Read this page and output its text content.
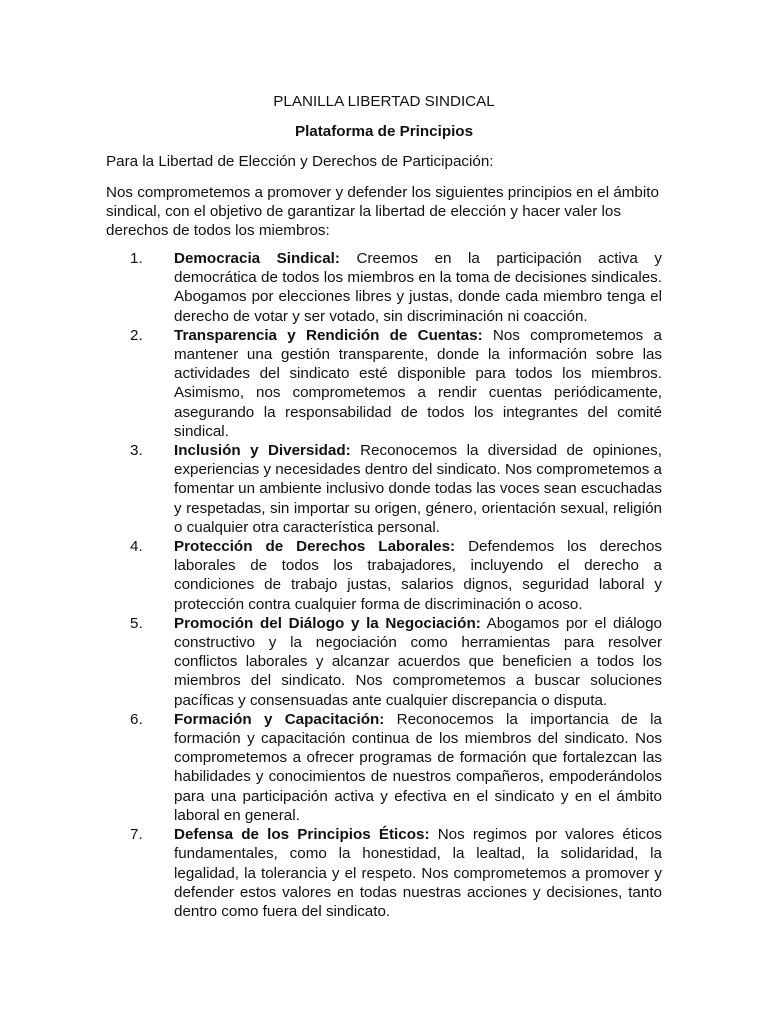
PLANILLA LIBERTAD SINDICAL
Plataforma de Principios

Para la Libertad de Elección y Derechos de Participación:

Nos comprometemos a promover y defender los siguientes principios en el ámbito sindical, con el objetivo de garantizar la libertad de elección y hacer valer los derechos de todos los miembros:

1. Democracia Sindical: Creemos en la participación activa y democrática de todos los miembros en la toma de decisiones sindicales. Abogamos por elecciones libres y justas, donde cada miembro tenga el derecho de votar y ser votado, sin discriminación ni coacción.
2. Transparencia y Rendición de Cuentas: Nos comprometemos a mantener una gestión transparente, donde la información sobre las actividades del sindicato esté disponible para todos los miembros. Asimismo, nos comprometemos a rendir cuentas periódicamente, asegurando la responsabilidad de todos los integrantes del comité sindical.
3. Inclusión y Diversidad: Reconocemos la diversidad de opiniones, experiencias y necesidades dentro del sindicato. Nos comprometemos a fomentar un ambiente inclusivo donde todas las voces sean escuchadas y respetadas, sin importar su origen, género, orientación sexual, religión o cualquier otra característica personal.
4. Protección de Derechos Laborales: Defendemos los derechos laborales de todos los trabajadores, incluyendo el derecho a condiciones de trabajo justas, salarios dignos, seguridad laboral y protección contra cualquier forma de discriminación o acoso.
5. Promoción del Diálogo y la Negociación: Abogamos por el diálogo constructivo y la negociación como herramientas para resolver conflictos laborales y alcanzar acuerdos que beneficien a todos los miembros del sindicato. Nos comprometemos a buscar soluciones pacíficas y consensuadas ante cualquier discrepancia o disputa.
6. Formación y Capacitación: Reconocemos la importancia de la formación y capacitación continua de los miembros del sindicato. Nos comprometemos a ofrecer programas de formación que fortalezcan las habilidades y conocimientos de nuestros compañeros, empoderándolos para una participación activa y efectiva en el sindicato y en el ámbito laboral en general.
7. Defensa de los Principios Éticos: Nos regimos por valores éticos fundamentales, como la honestidad, la lealtad, la solidaridad, la legalidad, la tolerancia y el respeto. Nos comprometemos a promover y defender estos valores en todas nuestras acciones y decisiones, tanto dentro como fuera del sindicato.
